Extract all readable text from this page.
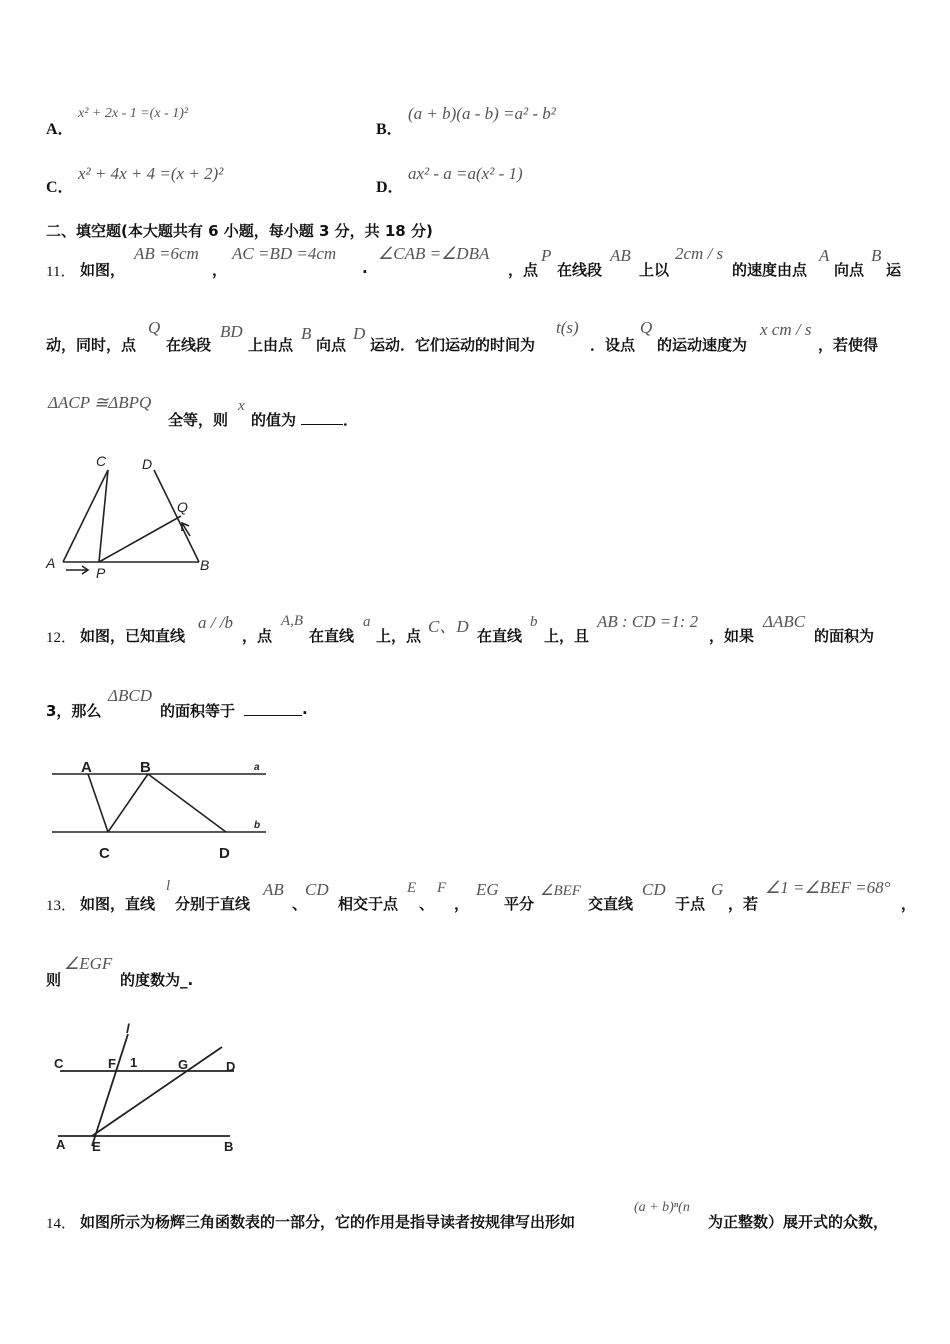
A．
x² + 2x - 1 =(x - 1)²
B．
(a + b)(a - b) =a² - b²
C．
x² + 4x + 4 =(x + 2)²
D．
ax² - a =a(x² - 1)
二、填空题(本大题共有 6 小题，每小题 3 分，共 18 分)
11． 如图，
AB =6cm
，
AC =BD =4cm
.
∠CAB =∠DBA
，点
P
在线段
AB
上以
2cm / s
的速度由点
A
向点
B
运
动，同时，点
Q
在线段
BD
上由点
B
向点
D
运动．它们运动的时间为
t(s)
．设点
Q
的运动速度为
x cm / s
，若使得
ΔACP ≅ΔBPQ
全等，则
x
的值为	．
C	D
Q
A
P	B
12． 如图，已知直线
a / /b
，点
A,B
在直线
a
上，点 C、D 在直线
b
上，且
AB : CD =1: 2
，如果
ΔABC
的面积为
3，那么
ΔBCD
的面积等于	.
A	B
C	D
a
b
13． 如图，直线
l
分别于直线
AB
、
CD
相交于点
E
、
F
，
EG
平分
∠BEF
交直线
CD
于点
G
，若
∠1 =∠BEF =68°
，
则
∠EGF
的度数为_.
l
C	F 1	G	D
A E	B
14． 如图所示为杨辉三角函数表的一部分，它的作用是指导读者按规律写出形如
(a + b)ⁿ(n
为正整数）展开式的众数，
